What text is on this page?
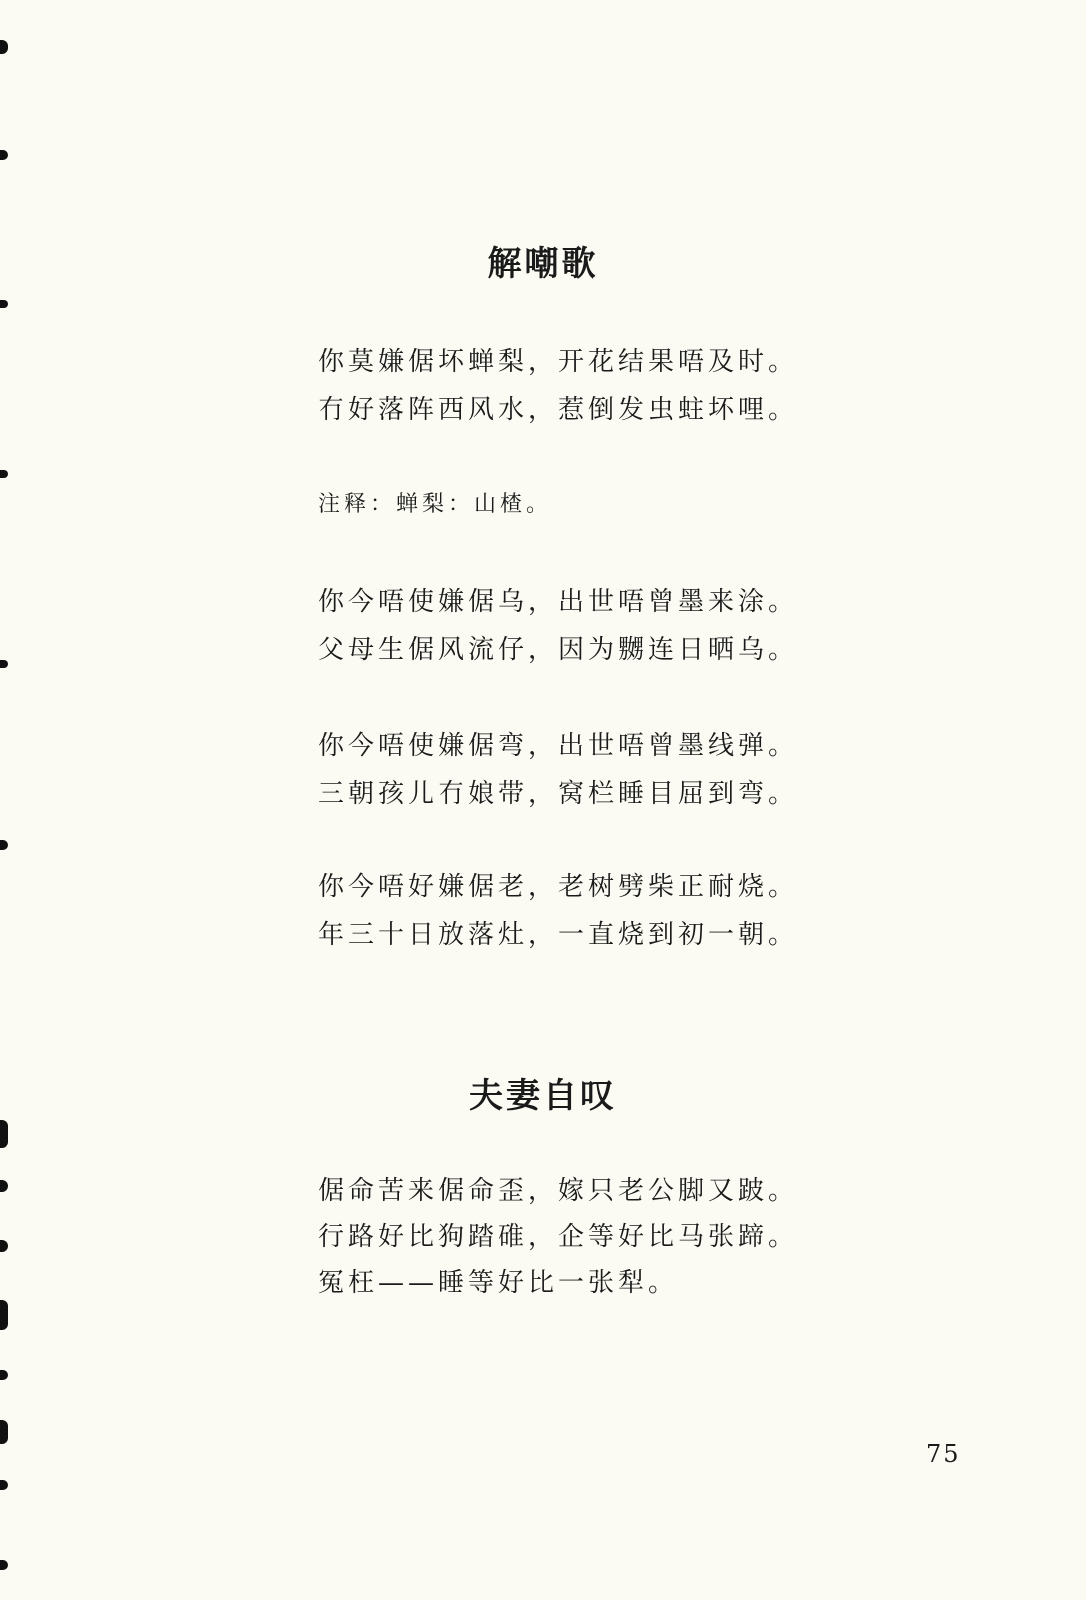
解嘲歌

你莫嫌倨坏蝉梨，开花结果唔及时。

冇好落阵西风水，惹倒发虫蛀坏哩。

注释：蝉梨：山楂。

你今唔使嫌倨乌，出世唔曾墨来涂。

父母生倨风流仔，因为嬲连日晒乌。

你今唔使嫌倨弯，出世唔曾墨线弹。

三朝孩儿冇娘带，窝栏睡目屈到弯。

你今唔好嫌倨老，老树劈柴正耐烧。

年三十日放落灶，一直烧到初一朝。

夫妻自叹

倨命苦来倨命歪，嫁只老公脚又跛。

行路好比狗踏碓，企等好比马张蹄。

冤枉——睡等好比一张犁。

75
